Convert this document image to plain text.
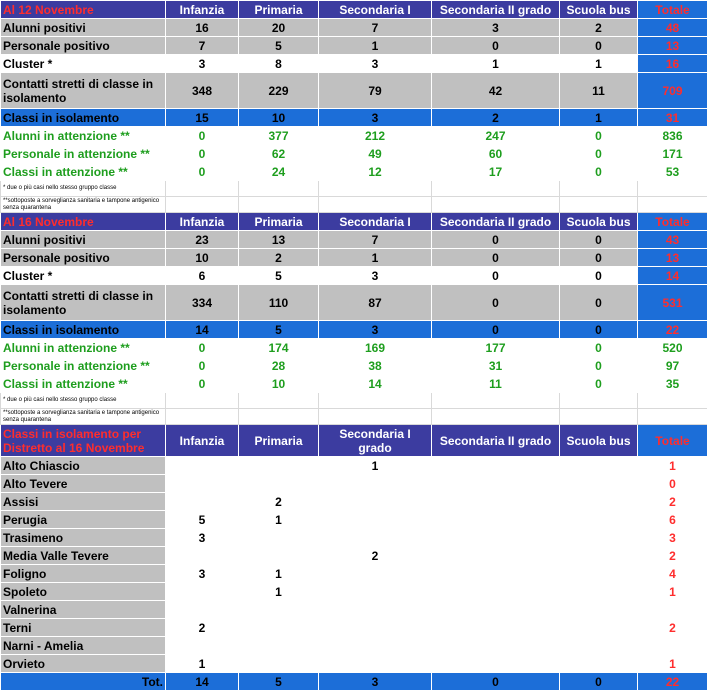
Al 12 Novembre	Infanzia	Primaria	Secondaria I	Secondaria II grado	Scuola bus	Totale
Alunni positivi	16	20	7	3	2	48
Personale positivo	7	5	1	0	0	13
Cluster *	3	8	3	1	1	16
Contatti stretti di classe in isolamento	348	229	79	42	11	709
Classi in isolamento	15	10	3	2	1	31
Alunni in attenzione **	0	377	212	247	0	836
Personale in attenzione **	0	62	49	60	0	171
Classi in attenzione **	0	24	12	17	0	53
* due o più casi nello stesso gruppo classe						
**sottoposte a sorveglianza sanitaria e tampone antigenico senza quarantena						
Al 16 Novembre	Infanzia	Primaria	Secondaria I	Secondaria II grado	Scuola bus	Totale
Alunni positivi	23	13	7	0	0	43
Personale positivo	10	2	1	0	0	13
Cluster *	6	5	3	0	0	14
Contatti stretti di classe in isolamento	334	110	87	0	0	531
Classi in isolamento	14	5	3	0	0	22
Alunni in attenzione **	0	174	169	177	0	520
Personale in attenzione **	0	28	38	31	0	97
Classi in attenzione **	0	10	14	11	0	35
* due o più casi nello stesso gruppo classe						
**sottoposte a sorveglianza sanitaria e tampone antigenico senza quarantena						
Classi in isolamento per Distretto al 16 Novembre	Infanzia	Primaria	Secondaria I grado	Secondaria II grado	Scuola bus	Totale
Alto Chiascio			1			1
Alto Tevere						0
Assisi		2				2
Perugia	5	1				6
Trasimeno	3					3
Media Valle Tevere			2			2
Foligno	3	1				4
Spoleto		1				1
Valnerina						
Terni	2					2
Narni - Amelia						
Orvieto	1					1
Tot.	14	5	3	0	0	22
